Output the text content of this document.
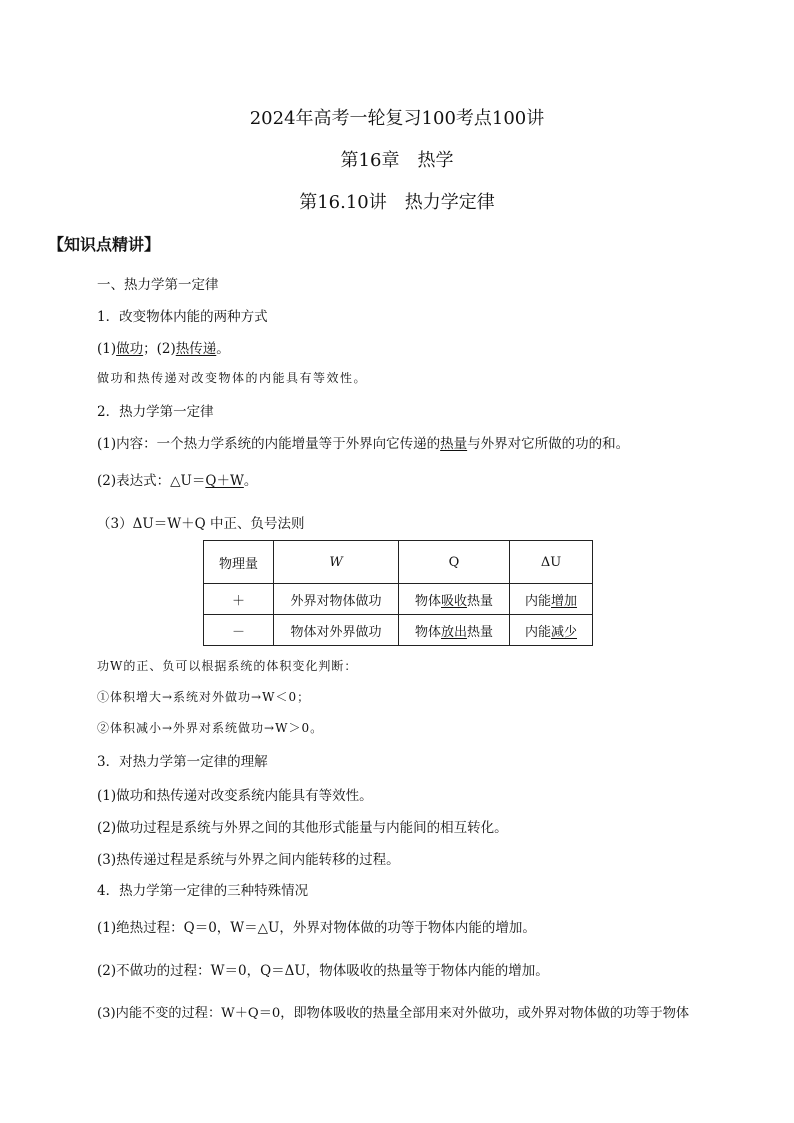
2024年高考一轮复习100考点100讲
第16章　热学
第16.10讲　热力学定律
【知识点精讲】
一、热力学第一定律
1．改变物体内能的两种方式
(1)做功；(2)热传递。
做功和热传递对改变物体的内能具有等效性。
2．热力学第一定律
(1)内容：一个热力学系统的内能增量等于外界向它传递的热量与外界对它所做的功的和。
(2)表达式：△U＝Q＋W。
（3）ΔU＝W＋Q 中正、负号法则
物理量	W	Q	ΔU
＋	外界对物体做功	物体吸收热量	内能增加
－	物体对外界做功	物体放出热量	内能减少
功W的正、负可以根据系统的体积变化判断：
①体积增大→系统对外做功→W＜0；
②体积减小→外界对系统做功→W＞0。
3．对热力学第一定律的理解
(1)做功和热传递对改变系统内能具有等效性。
(2)做功过程是系统与外界之间的其他形式能量与内能间的相互转化。
(3)热传递过程是系统与外界之间内能转移的过程。
4．热力学第一定律的三种特殊情况
(1)绝热过程：Q＝0，W＝△U，外界对物体做的功等于物体内能的增加。
(2)不做功的过程：W＝0，Q＝ΔU，物体吸收的热量等于物体内能的增加。
(3)内能不变的过程：W＋Q＝0，即物体吸收的热量全部用来对外做功，或外界对物体做的功等于物体
